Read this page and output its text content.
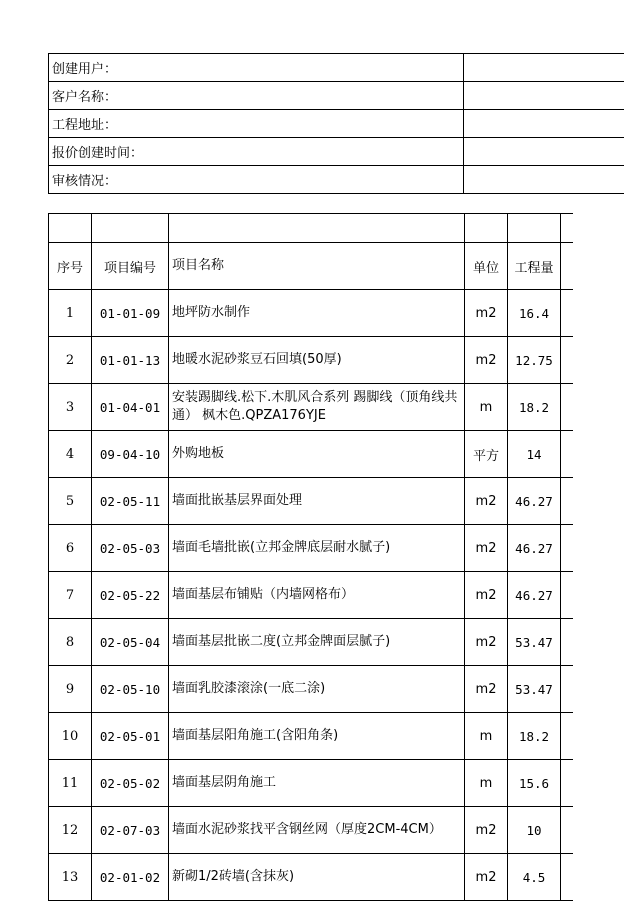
创建用户：	
客户名称：	
工程地址：	
报价创建时间：	
审核情况：	

序号	项目编号	项目名称	单位	工程量	
1	01-01-09	地坪防水制作	m2	16.4	
2	01-01-13	地暖水泥砂浆豆石回填(50厚)	m2	12.75	
3	01-04-01	安装踢脚线.松下.木肌风合系列 踢脚线（顶角线共通） 枫木色.QPZA176YJE	m	18.2	
4	09-04-10	外购地板	平方	14	
5	02-05-11	墙面批嵌基层界面处理	m2	46.27	
6	02-05-03	墙面毛墙批嵌(立邦金牌底层耐水腻子)	m2	46.27	
7	02-05-22	墙面基层布铺贴（内墙网格布）	m2	46.27	
8	02-05-04	墙面基层批嵌二度(立邦金牌面层腻子)	m2	53.47	
9	02-05-10	墙面乳胶漆滚涂(一底二涂)	m2	53.47	
10	02-05-01	墙面基层阳角施工(含阳角条)	m	18.2	
11	02-05-02	墙面基层阴角施工	m	15.6	
12	02-07-03	墙面水泥砂浆找平含钢丝网（厚度2CM-4CM）	m2	10	
13	02-01-02	新砌1/2砖墙(含抹灰)	m2	4.5	
